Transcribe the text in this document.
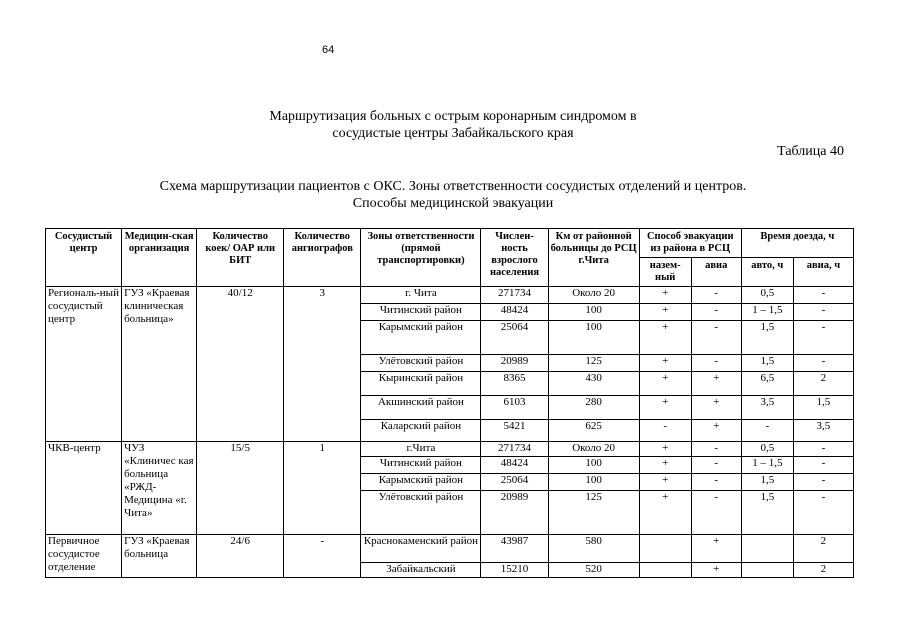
64
Маршрутизация больных с острым коронарным синдромом в
сосудистые центры Забайкальского края
Таблица 40
Схема маршрутизации пациентов с ОКС. Зоны ответственности сосудистых отделений и центров.
Способы медицинской эвакуации
Сосудистый центр	Медицин-ская организация	Количество коек/ ОАР или БИТ	Количество ангиографов	Зоны ответственности (прямой транспортировки)	Числен-ность взрослого населения	Км от районной больницы до РСЦ г.Чита	Способ эвакуации из района в РСЦ		Время доезда, ч	
							назем-ный	авиа	авто, ч	авиа, ч
Региональ-ный сосудистый центр	ГУЗ «Краевая клиническая больница»	40/12	3	г. Чита	271734	Около 20	+	-	0,5	-
				Читинский район	48424	100	+	-	1 – 1,5	-
				Карымский район	25064	100	+	-	1,5	-
				Улётовский район	20989	125	+	-	1,5	-
				Кыринский район	8365	430	+	+	6,5	2
				Акшинский район	6103	280	+	+	3,5	1,5
				Каларский район	5421	625	-	+	-	3,5
ЧКВ-центр	ЧУЗ «Клиничес кая больница «РЖД-Медицина «г. Чита»	15/5	1	г.Чита	271734	Около 20	+	-	0,5	-
				Читинский район	48424	100	+	-	1 – 1,5	-
				Карымский район	25064	100	+	-	1,5	-
				Улётовский район	20989	125	+	-	1,5	-
Первичное сосудистое отделение	ГУЗ «Краевая больница	24/6	-	Краснокаменский район	43987	580		+		2
				Забайкальский	15210	520		+		2
